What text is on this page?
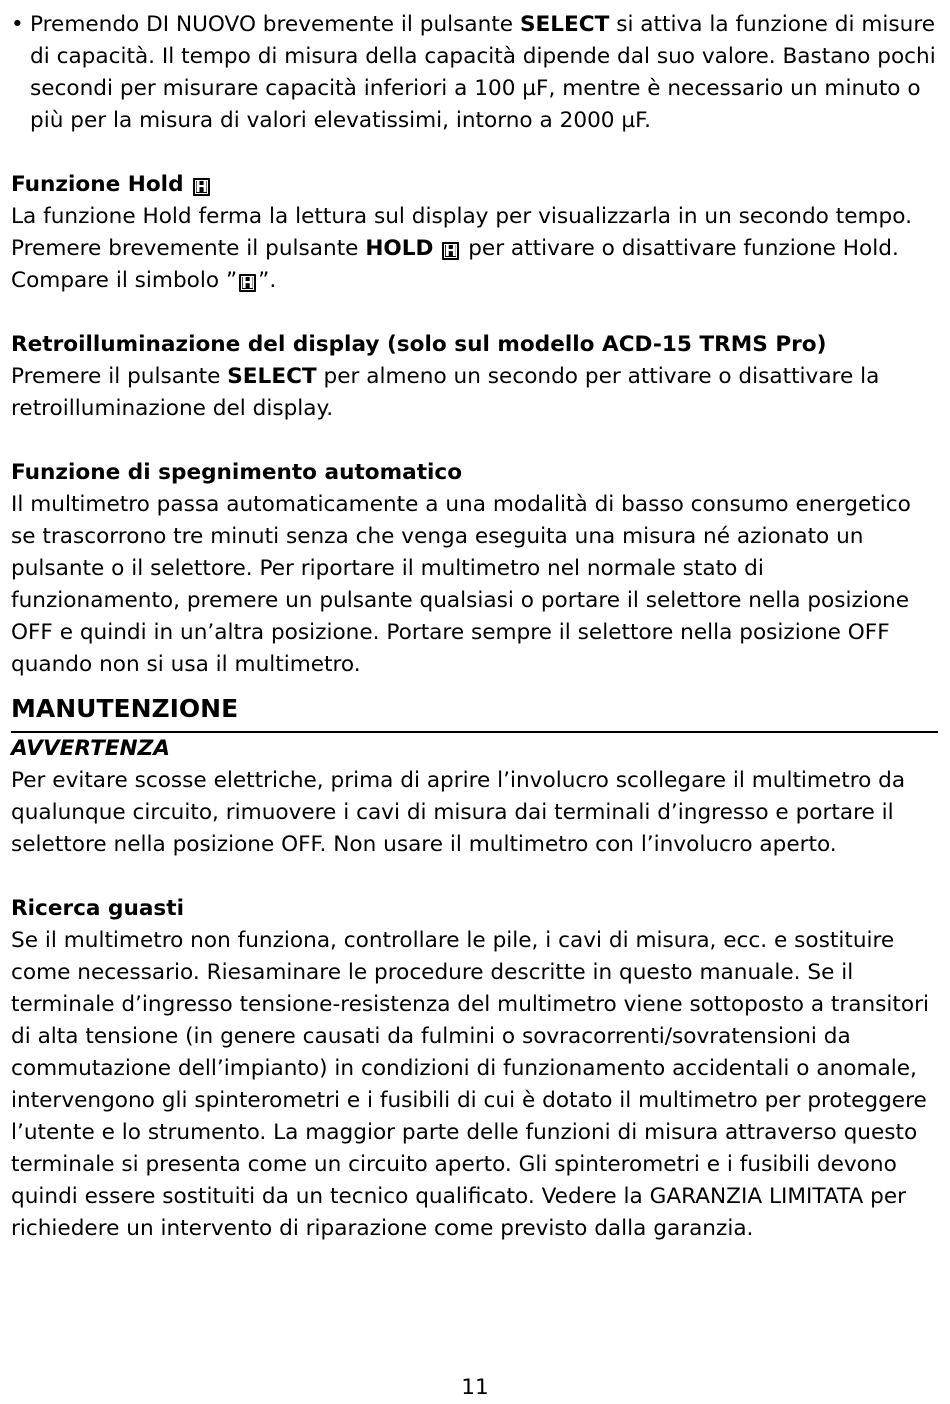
• Premendo DI NUOVO brevemente il pulsante SELECT si attiva la funzione di misure di capacità. Il tempo di misura della capacità dipende dal suo valore. Bastano pochi secondi per misurare capacità inferiori a 100 µF, mentre è necessario un minuto o più per la misura di valori elevatissimi, intorno a 2000 µF.

Funzione Hold H

La funzione Hold ferma la lettura sul display per visualizzarla in un secondo tempo. Premere brevemente il pulsante HOLD H per attivare o disattivare funzione Hold. Compare il simbolo ” H ”.

Retroilluminazione del display (solo sul modello ACD-15 TRMS Pro)

Premere il pulsante SELECT per almeno un secondo per attivare o disattivare la retroilluminazione del display.

Funzione di spegnimento automatico

Il multimetro passa automaticamente a una modalità di basso consumo energetico se trascorrono tre minuti senza che venga eseguita una misura né azionato un pulsante o il selettore. Per riportare il multimetro nel normale stato di funzionamento, premere un pulsante qualsiasi o portare il selettore nella posizione OFF e quindi in un’altra posizione. Portare sempre il selettore nella posizione OFF quando non si usa il multimetro.

MANUTENZIONE

AVVERTENZA

Per evitare scosse elettriche, prima di aprire l’involucro scollegare il multimetro da qualunque circuito, rimuovere i cavi di misura dai terminali d’ingresso e portare il selettore nella posizione OFF. Non usare il multimetro con l’involucro aperto.

Ricerca guasti

Se il multimetro non funziona, controllare le pile, i cavi di misura, ecc. e sostituire come necessario. Riesaminare le procedure descritte in questo manuale. Se il terminale d’ingresso tensione-resistenza del multimetro viene sottoposto a transitori di alta tensione (in genere causati da fulmini o sovracorrenti/sovratensioni da commutazione dell’impianto) in condizioni di funzionamento accidentali o anomale, intervengono gli spinterometri e i fusibili di cui è dotato il multimetro per proteggere l’utente e lo strumento. La maggior parte delle funzioni di misura attraverso questo terminale si presenta come un circuito aperto. Gli spinterometri e i fusibili devono quindi essere sostituiti da un tecnico qualificato. Vedere la GARANZIA LIMITATA per richiedere un intervento di riparazione come previsto dalla garanzia.

11
